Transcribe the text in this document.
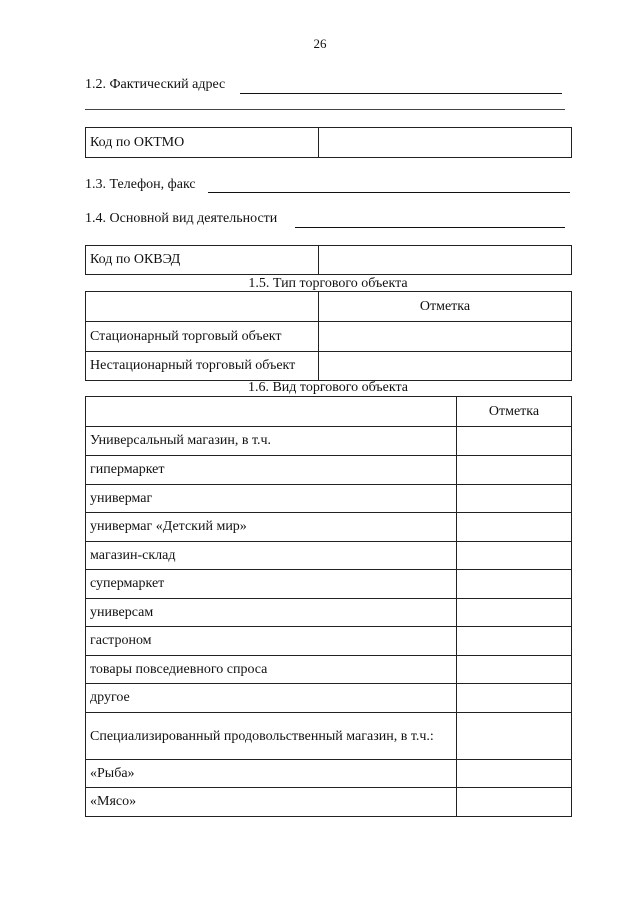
26
1.2. Фактический адрес
Код по ОКТМО	
1.3. Телефон, факс
1.4. Основной вид деятельности
Код по ОКВЭД	
1.5. Тип торгового объекта
	Отметка
Стационарный торговый объект	
Нестационарный торговый объект	
1.6. Вид торгового объекта
	Отметка
Универсальный магазин, в т.ч.	
гипермаркет	
универмаг	
универмаг «Детский мир»	
магазин-склад	
супермаркет	
универсам	
гастроном	
товары повседиевного спроса	
другое	
Специализированный продовольственный магазин, в т.ч.:	
«Рыба»	
«Мясо»	
